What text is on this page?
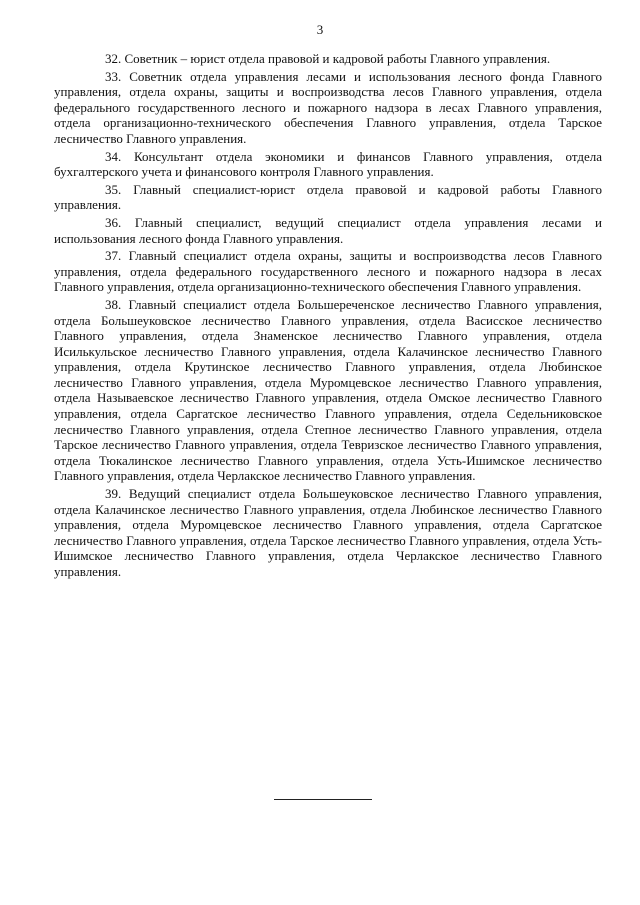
3

32. Советник – юрист отдела правовой и кадровой работы Главного управления.

33. Советник отдела управления лесами и использования лесного фонда Главного управления, отдела охраны, защиты и воспроизводства лесов Главного управления, отдела федерального государственного лесного и пожарного надзора в лесах Главного управления, отдела организационно-технического обеспечения Главного управления, отдела Тарское лесничество Главного управления.

34. Консультант отдела экономики и финансов Главного управления, отдела бухгалтерского учета и финансового контроля Главного управления.

35. Главный специалист-юрист отдела правовой и кадровой работы Главного управления.

36. Главный специалист, ведущий специалист отдела управления лесами и использования лесного фонда Главного управления.

37. Главный специалист отдела охраны, защиты и воспроизводства лесов Главного управления, отдела федерального государственного лесного и пожарного надзора в лесах Главного управления, отдела организационно-технического обеспечения Главного управления.

38. Главный специалист отдела Большереченское лесничество Главного управления, отдела Большеуковское лесничество Главного управления, отдела Васисское лесничество Главного управления, отдела Знаменское лесничество Главного управления, отдела Исилькульское лесничество Главного управления, отдела Калачинское лесничество Главного управления, отдела Крутинское лесничество Главного управления, отдела Любинское лесничество Главного управления, отдела Муромцевское лесничество Главного управления, отдела Называевское лесничество Главного управления, отдела Омское лесничество Главного управления, отдела Саргатское лесничество Главного управления, отдела Седельниковское лесничество Главного управления, отдела Степное лесничество Главного управления, отдела Тарское лесничество Главного управления, отдела Тевризское лесничество Главного управления, отдела Тюкалинское лесничество Главного управления, отдела Усть-Ишимское лесничество Главного управления, отдела Черлакское лесничество Главного управления.

39. Ведущий специалист отдела Большеуковское лесничество Главного управления, отдела Калачинское лесничество Главного управления, отдела Любинское лесничество Главного управления, отдела Муромцевское лесничество Главного управления, отдела Саргатское лесничество Главного управления, отдела Тарское лесничество Главного управления, отдела Усть-Ишимское лесничество Главного управления, отдела Черлакское лесничество Главного управления.
